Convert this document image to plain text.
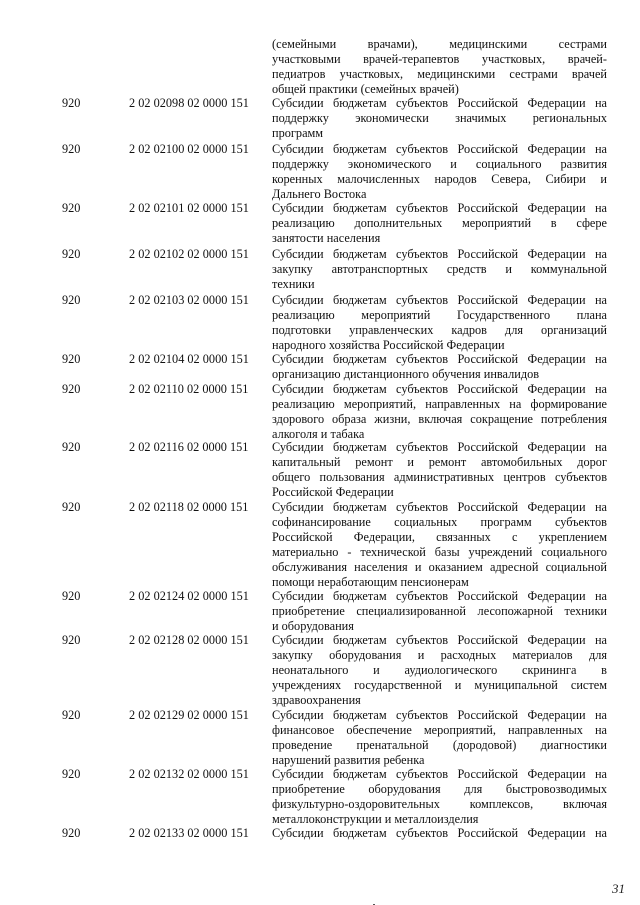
(семейными врачами), медицинскими сестрами
участковыми врачей-терапевтов участковых, врачей-
педиатров участковых, медицинскими сестрами врачей
общей практики (семейных врачей)
920	2 02 02098 02 0000 151 Субсидии бюджетам субъектов Российской Федерации на
поддержку экономически значимых региональных
программ
920	2 02 02100 02 0000 151 Субсидии бюджетам субъектов Российской Федерации на
поддержку экономического и социального развития
коренных малочисленных народов Севера, Сибири и
Дальнего Востока
920	2 02 02101 02 0000 151 Субсидии бюджетам субъектов Российской Федерации на
реализацию дополнительных мероприятий в сфере
занятости населения
920	2 02 02102 02 0000 151 Субсидии бюджетам субъектов Российской Федерации на
закупку автотранспортных средств и коммунальной
техники
920	2 02 02103 02 0000 151 Субсидии бюджетам субъектов Российской Федерации на
реализацию мероприятий Государственного плана
подготовки управленческих кадров для организаций
народного хозяйства Российской Федерации
920	2 02 02104 02 0000 151 Субсидии бюджетам субъектов Российской Федерации на
организацию дистанционного обучения инвалидов
920	2 02 02110 02 0000 151 Субсидии бюджетам субъектов Российской Федерации на
реализацию мероприятий, направленных на формирование
здорового образа жизни, включая сокращение потребления
алкоголя и табака
920	2 02 02116 02 0000 151 Субсидии бюджетам субъектов Российской Федерации на
капитальный ремонт и ремонт автомобильных дорог
общего пользования административных центров субъектов
Российской Федерации
920	2 02 02118 02 0000 151 Субсидии бюджетам субъектов Российской Федерации на
софинансирование социальных программ субъектов
Российской Федерации, связанных с укреплением
материально - технической базы учреждений социального
обслуживания населения и оказанием адресной социальной
помощи неработающим пенсионерам
920	2 02 02124 02 0000 151 Субсидии бюджетам субъектов Российской Федерации на
приобретение специализированной лесопожарной техники
и оборудования
920	2 02 02128 02 0000 151 Субсидии бюджетам субъектов Российской Федерации на
закупку оборудования и расходных материалов для
неонатального и аудиологического скрининга в
учреждениях государственной и муниципальной систем
здравоохранения
920	2 02 02129 02 0000 151 Субсидии бюджетам субъектов Российской Федерации на
финансовое обеспечение мероприятий, направленных на
проведение пренатальной (дородовой) диагностики
нарушений развития ребенка
920	2 02 02132 02 0000 151 Субсидии бюджетам субъектов Российской Федерации на
приобретение оборудования для быстровозводимых
физкультурно-оздоровительных комплексов, включая
металлоконструкции и металлоизделия
920	2 02 02133 02 0000 151 Субсидии бюджетам субъектов Российской Федерации на
31
